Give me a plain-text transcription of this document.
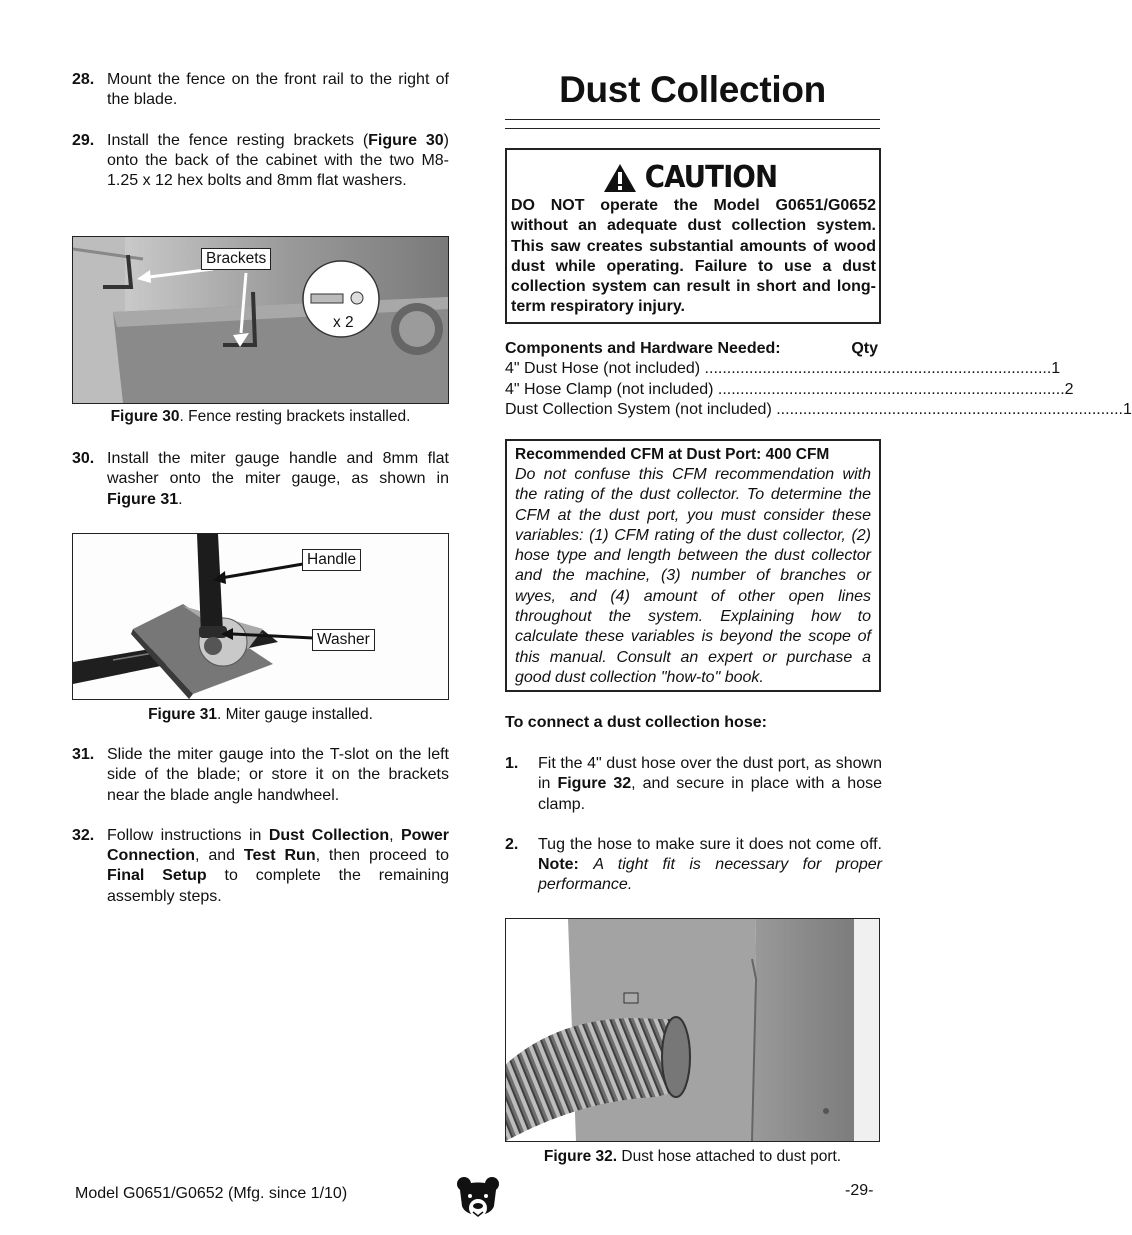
28. Mount the fence on the front rail to the right of the blade.
29. Install the fence resting brackets (Figure 30) onto the back of the cabinet with the two M8-1.25 x 12 hex bolts and 8mm flat washers.
Brackets
x 2
Figure 30. Fence resting brackets installed.
30. Install the miter gauge handle and 8mm flat washer onto the miter gauge, as shown in Figure 31.
Handle
Washer
Figure 31. Miter gauge installed.
31. Slide the miter gauge into the T-slot on the left side of the blade; or store it on the brackets near the blade angle handwheel.
32. Follow instructions in Dust Collection, Power Connection, and Test Run, then proceed to Final Setup to complete the remaining assembly steps.
Dust Collection
CAUTION
DO NOT operate the Model G0651/G0652 without an adequate dust collection system. This saw creates substantial amounts of wood dust while operating. Failure to use a dust collection system can result in short and long-term respiratory injury.
Components and Hardware Needed:	Qty
4" Dust Hose (not included) .............................................................................. 1
4" Hose Clamp (not included) .............................................................................. 2
Dust Collection System (not included) .............................................................................. 1
Recommended CFM at Dust Port: 400 CFM
Do not confuse this CFM recommendation with the rating of the dust collector. To determine the CFM at the dust port, you must consider these variables: (1) CFM rating of the dust collector, (2) hose type and length between the dust collector and the machine, (3) number of branches or wyes, and (4) amount of other open lines throughout the system. Explaining how to calculate these variables is beyond the scope of this manual. Consult an expert or purchase a good dust collection "how-to" book.
To connect a dust collection hose:
1.	Fit the 4" dust hose over the dust port, as shown in Figure 32, and secure in place with a hose clamp.
2.	Tug the hose to make sure it does not come off. Note: A tight fit is necessary for proper performance.
Figure 32. Dust hose attached to dust port.
Model G0651/G0652 (Mfg. since 1/10)	-29-
